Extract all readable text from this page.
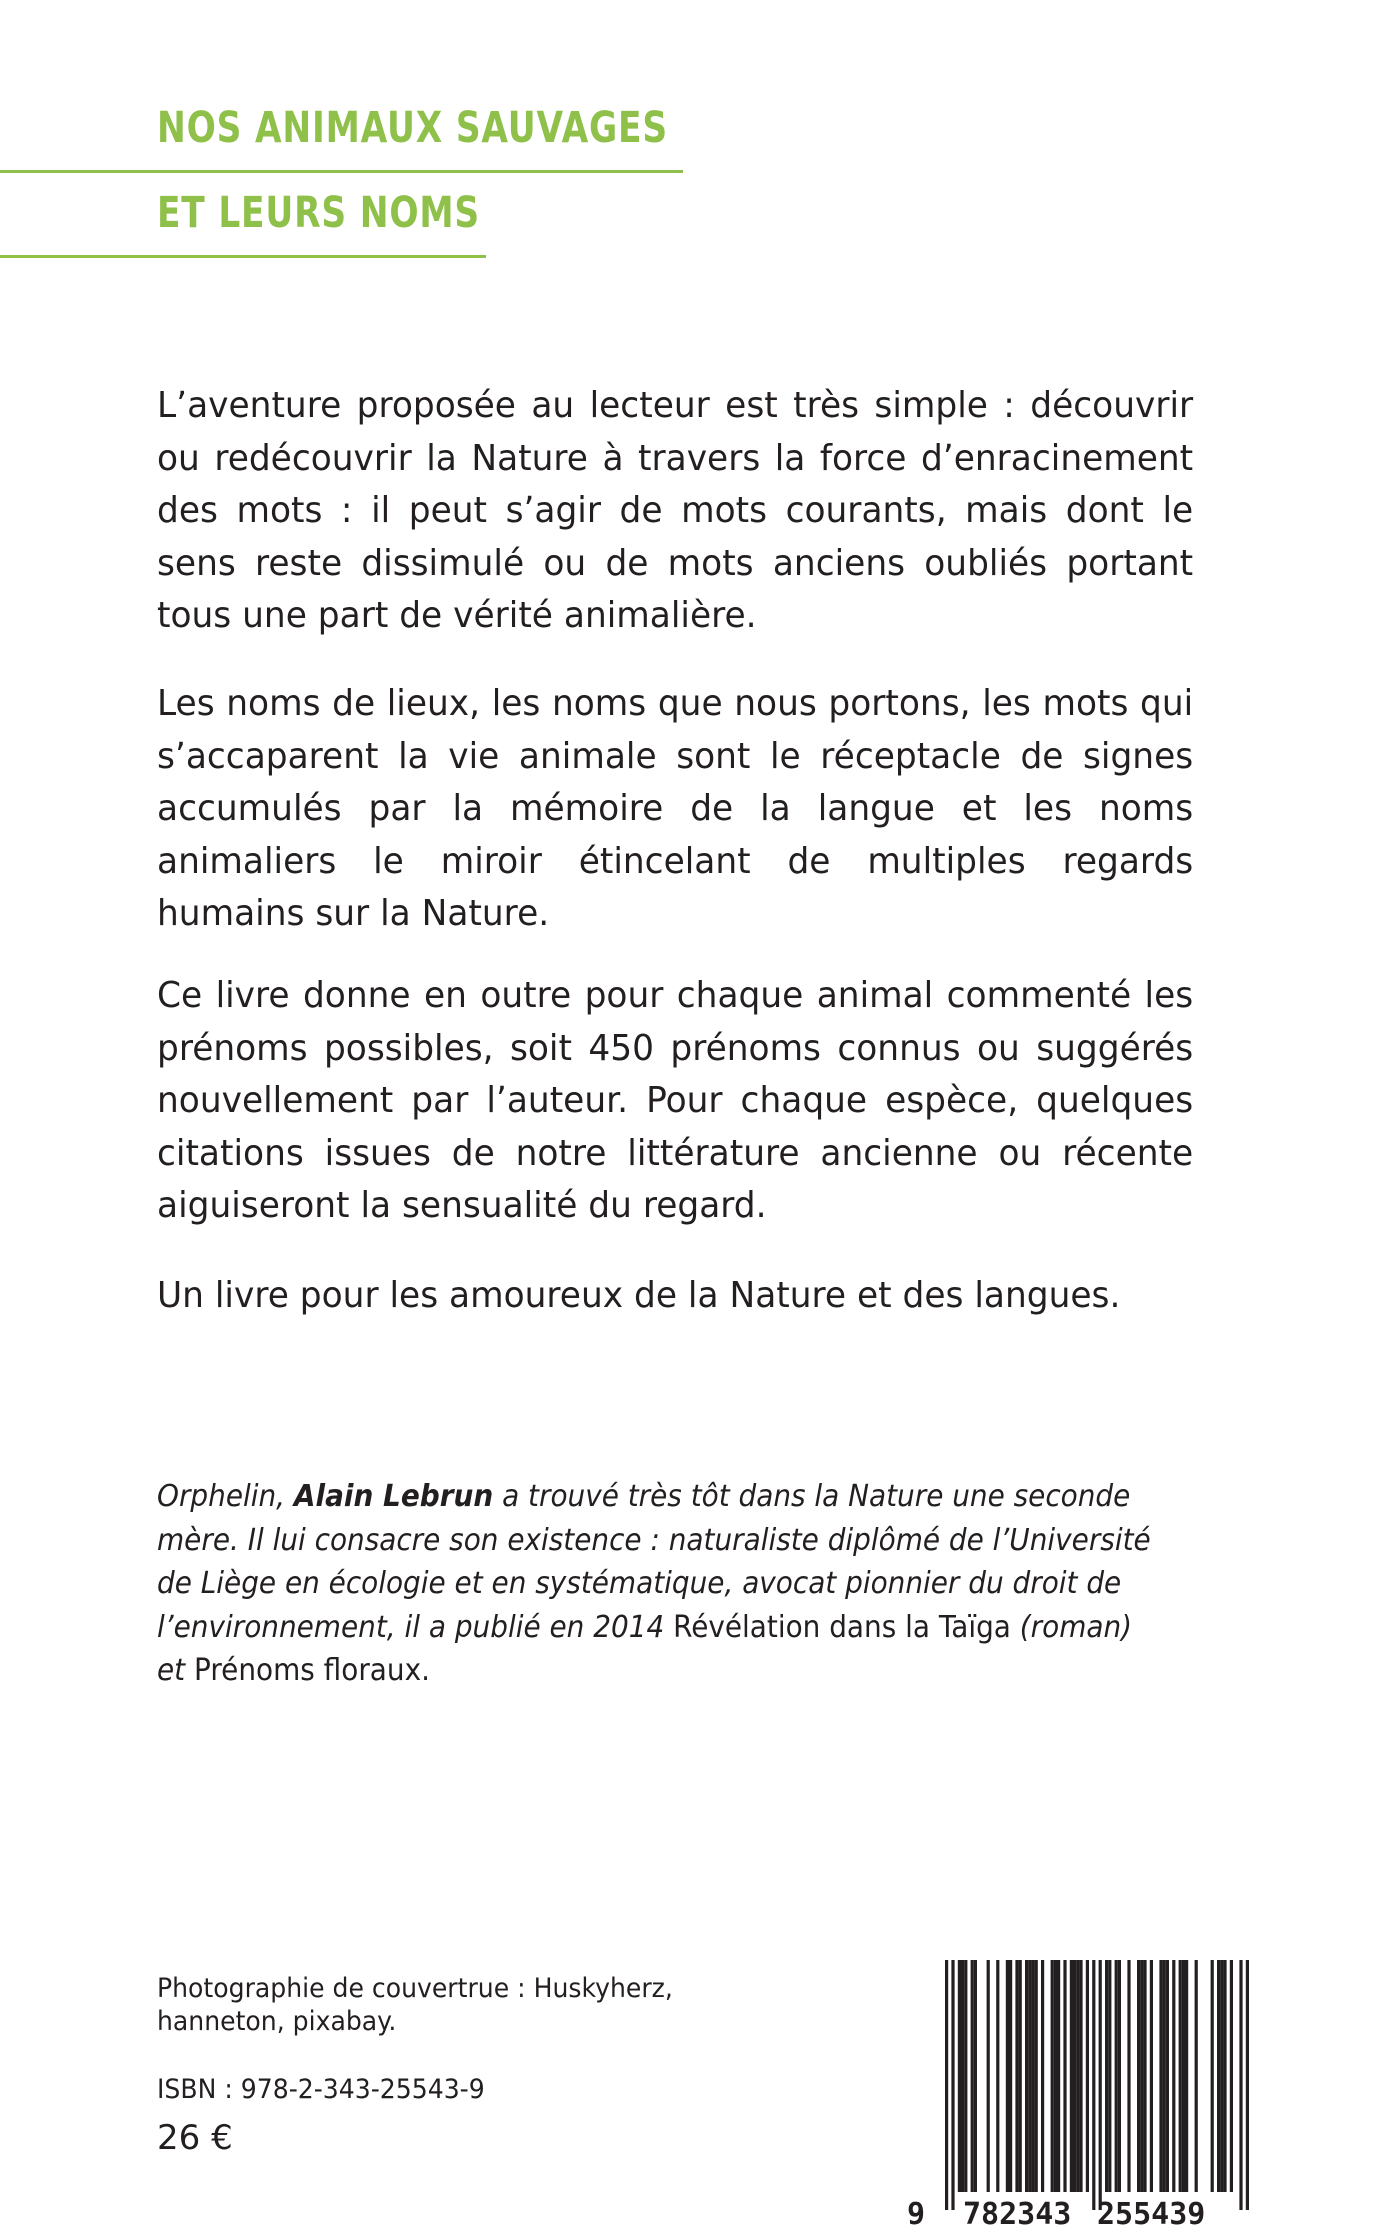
NOS ANIMAUX SAUVAGES
ET LEURS NOMS
L’aventure proposée au lecteur est très simple : découvrir ou redécouvrir la Nature à travers la force d’enracinement des mots : il peut s’agir de mots courants, mais dont le sens reste dissimulé ou de mots anciens oubliés portant tous une part de vérité animalière.
Les noms de lieux, les noms que nous portons, les mots qui s’accaparent la vie animale sont le réceptacle de signes accumulés par la mémoire de la langue et les noms animaliers le miroir étincelant de multiples regards humains sur la Nature.
Ce livre donne en outre pour chaque animal commenté les prénoms possibles, soit 450 prénoms connus ou suggérés nouvellement par l’auteur. Pour chaque espèce, quelques citations issues de notre littérature ancienne ou récente aiguiseront la sensualité du regard.
Un livre pour les amoureux de la Nature et des langues.
Orphelin, Alain Lebrun a trouvé très tôt dans la Nature une seconde mère. Il lui consacre son existence : naturaliste diplômé de l’Université de Liège en écologie et en systématique, avocat pionnier du droit de l’environnement, il a publié en 2014 Révélation dans la Taïga (roman) et Prénoms floraux.
Photographie de couvertrue : Huskyherz, hanneton, pixabay.
ISBN : 978-2-343-25543-9
26 €
9 782343 255439
